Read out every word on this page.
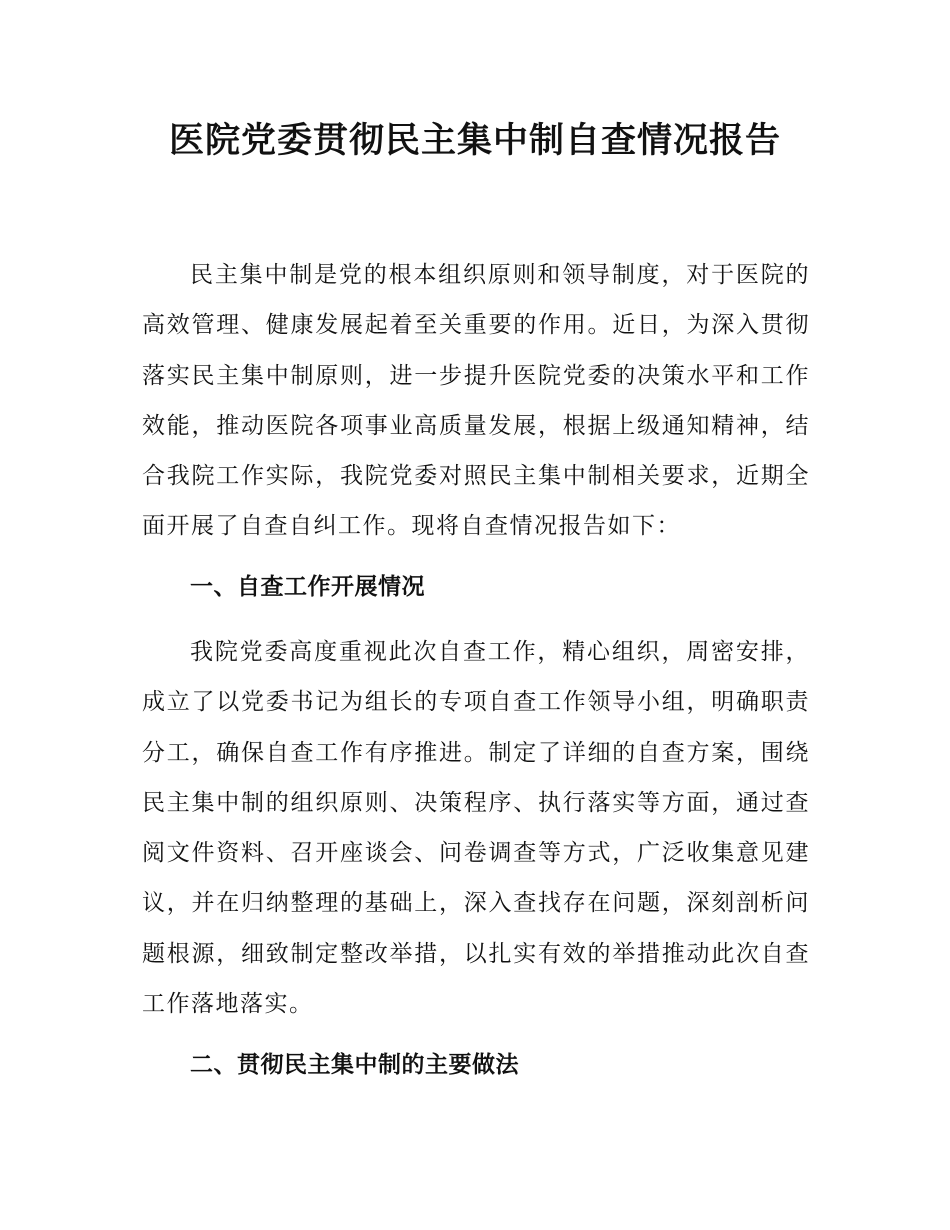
医院党委贯彻民主集中制自查情况报告

民主集中制是党的根本组织原则和领导制度，对于医院的高效管理、健康发展起着至关重要的作用。近日，为深入贯彻落实民主集中制原则，进一步提升医院党委的决策水平和工作效能，推动医院各项事业高质量发展，根据上级通知精神，结合我院工作实际，我院党委对照民主集中制相关要求，近期全面开展了自查自纠工作。现将自查情况报告如下：

一、自查工作开展情况

我院党委高度重视此次自查工作，精心组织，周密安排，成立了以党委书记为组长的专项自查工作领导小组，明确职责分工，确保自查工作有序推进。制定了详细的自查方案，围绕民主集中制的组织原则、决策程序、执行落实等方面，通过查阅文件资料、召开座谈会、问卷调查等方式，广泛收集意见建议，并在归纳整理的基础上，深入查找存在问题，深刻剖析问题根源，细致制定整改举措，以扎实有效的举措推动此次自查工作落地落实。

二、贯彻民主集中制的主要做法
